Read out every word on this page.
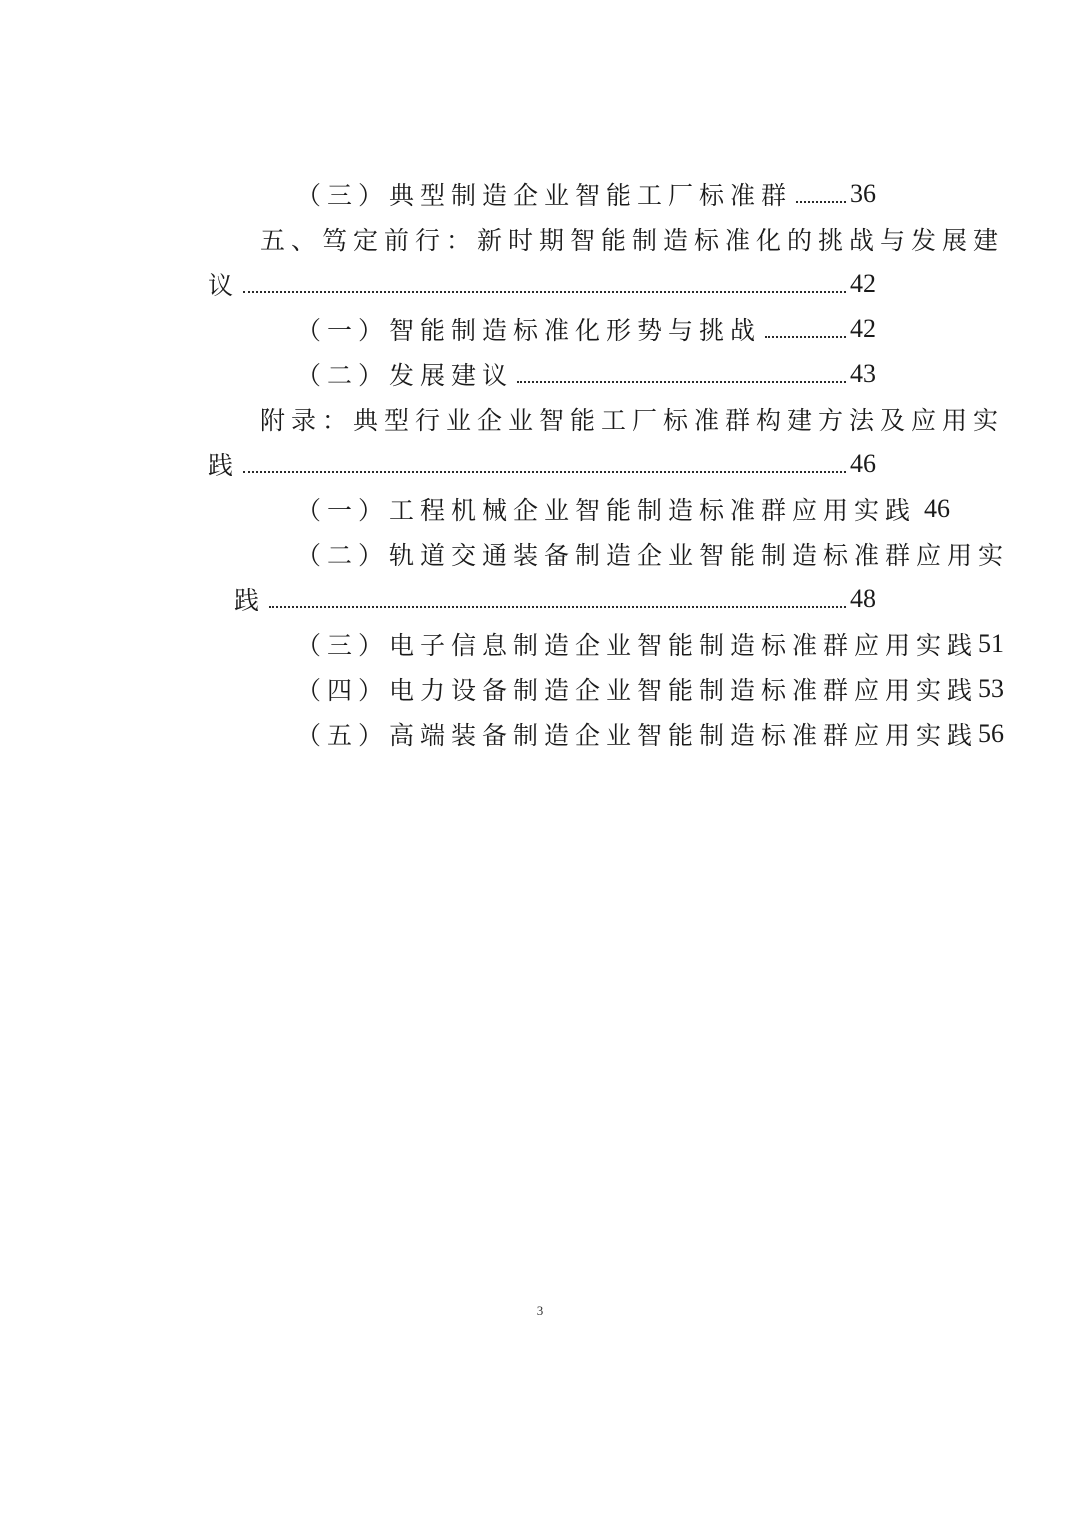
（三）典型制造企业智能工厂标准群 36
五、笃定前行：新时期智能制造标准化的挑战与发展建
议	42
（一）智能制造标准化形势与挑战	42
（二）发展建议	43
附录：典型行业企业智能工厂标准群构建方法及应用实
践	46
（一）工程机械企业智能制造标准群应用实践 46
（二）轨道交通装备制造企业智能制造标准群应用实
践	48
（三）电子信息制造企业智能制造标准群应用实践 51
（四）电力设备制造企业智能制造标准群应用实践 53
（五）高端装备制造企业智能制造标准群应用实践 56
3
